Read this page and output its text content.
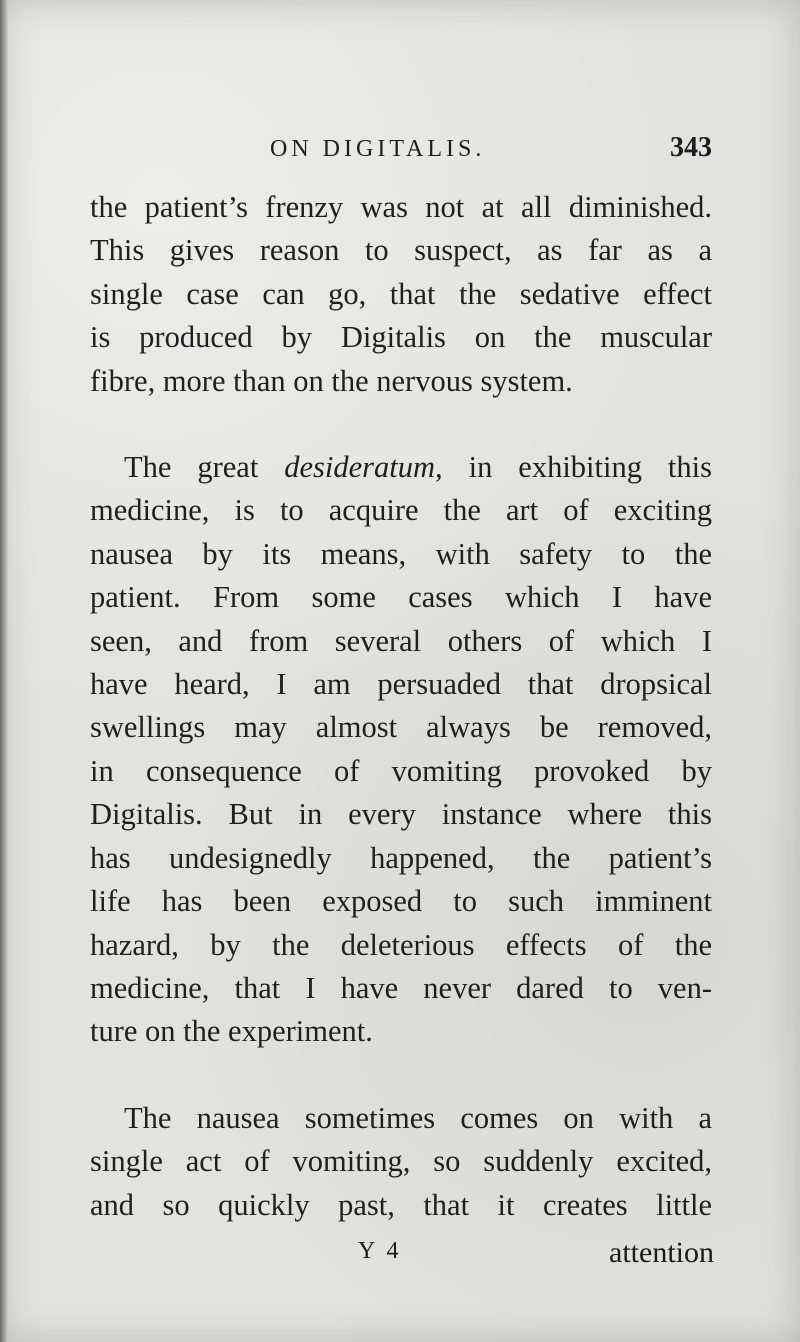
ON DIGITALIS.	343

the patient’s frenzy was not at all diminished.
This gives reason to suspect, as far as a
single case can go, that the sedative effect
is produced by Digitalis on the muscular
fibre, more than on the nervous system.

The great desideratum, in exhibiting this
medicine, is to acquire the art of exciting
nausea by its means, with safety to the
patient. From some cases which I have
seen, and from several others of which I
have heard, I am persuaded that dropsical
swellings may almost always be removed,
in consequence of vomiting provoked by
Digitalis. But in every instance where this
has undesignedly happened, the patient’s
life has been exposed to such imminent
hazard, by the deleterious effects of the
medicine, that I have never dared to ven-
ture on the experiment.

The nausea sometimes comes on with a
single act of vomiting, so suddenly excited,
and so quickly past, that it creates little

Y 4	attention
